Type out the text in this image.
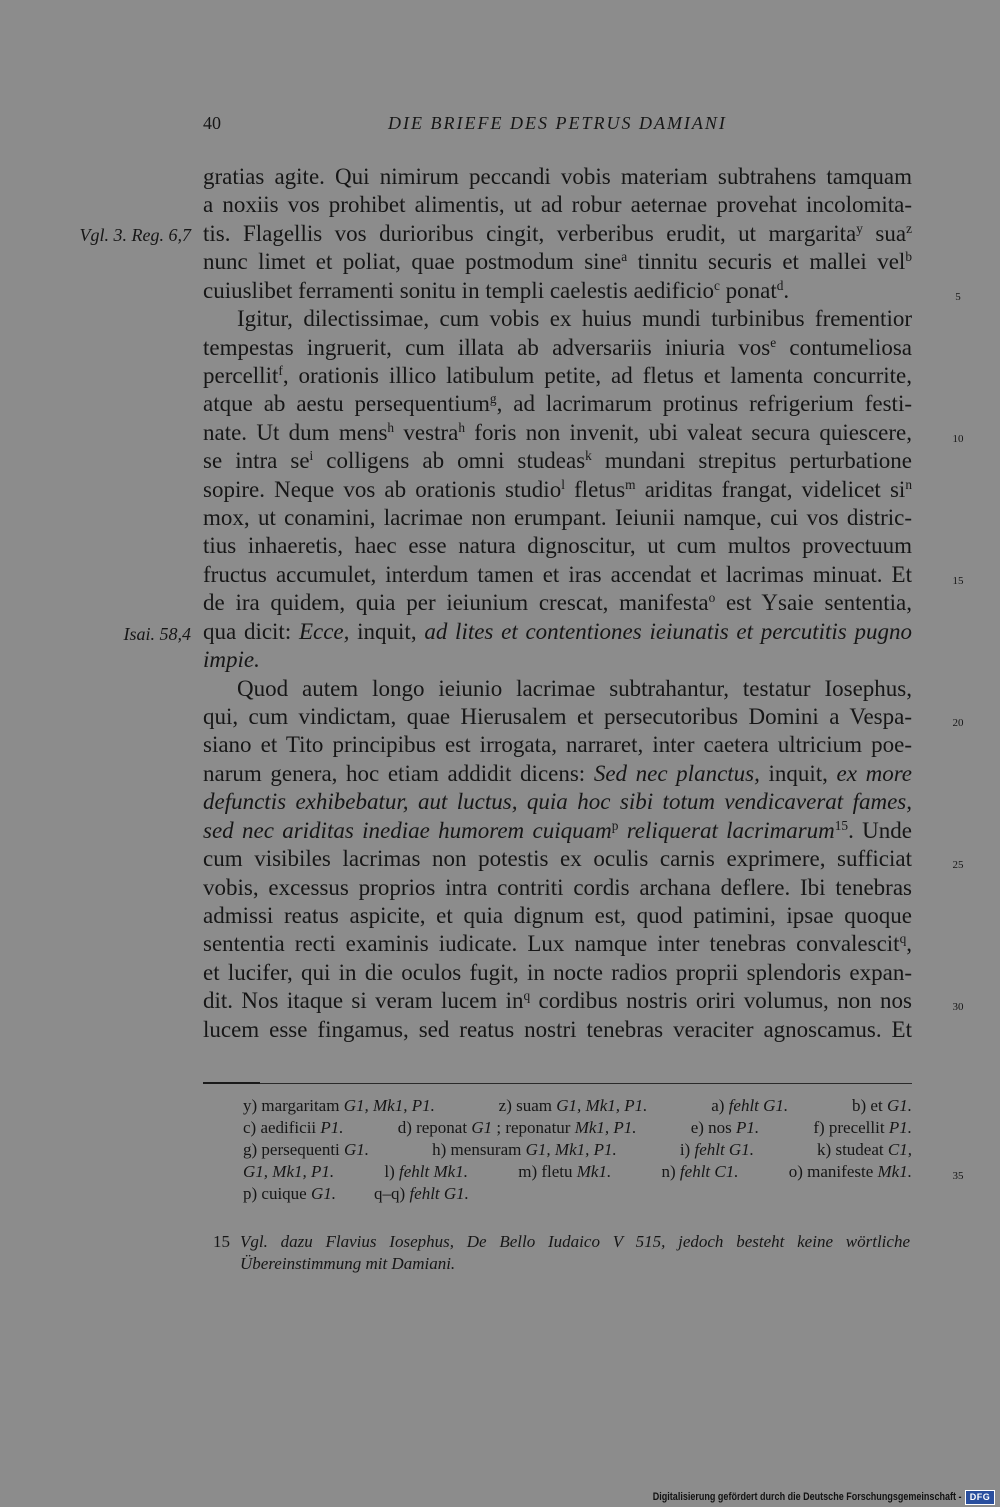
40	DIE BRIEFE DES PETRUS DAMIANI
Vgl. 3. Reg. 6,7
Isai. 58,4
gratias agite. Qui nimirum peccandi vobis materiam subtrahens tamquam
a noxiis vos prohibet alimentis, ut ad robur aeternae provehat incolomita-
tis. Flagellis vos durioribus cingit, verberibus erudit, ut margarita$^y$ sua$^z$
nunc limet et poliat, quae postmodum sine$^a$ tinnitu securis et mallei vel$^b$
cuiuslibet ferramenti sonitu in templi caelestis aedificio$^c$ ponat$^d$.
Igitur, dilectissimae, cum vobis ex huius mundi turbinibus frementior
tempestas ingruerit, cum illata ab adversariis iniuria vos$^e$ contumeliosa
percellit$^f$, orationis illico latibulum petite, ad fletus et lamenta concurrite,
atque ab aestu persequentium$^g$, ad lacrimarum protinus refrigerium festi-
nate. Ut dum mens$^h$ vestra$^h$ foris non invenit, ubi valeat secura quiescere,
se intra se$^i$ colligens ab omni studeas$^k$ mundani strepitus perturbatione
sopire. Neque vos ab orationis studio$^l$ fletus$^m$ ariditas frangat, videlicet si$^n$
mox, ut conamini, lacrimae non erumpant. Ieiunii namque, cui vos distric-
tius inhaeretis, haec esse natura dignoscitur, ut cum multos provectuum
fructus accumulet, interdum tamen et iras accendat et lacrimas minuat. Et
de ira quidem, quia per ieiunium crescat, manifesta$^o$ est Ysaie sententia,
qua dicit: Ecce, inquit, ad lites et contentiones ieiunatis et percutitis pugno
impie.
Quod autem longo ieiunio lacrimae subtrahantur, testatur Iosephus,
qui, cum vindictam, quae Hierusalem et persecutoribus Domini a Vespa-
siano et Tito principibus est irrogata, narraret, inter caetera ultricium poe-
narum genera, hoc etiam addidit dicens: Sed nec planctus, inquit, ex more
defunctis exhibebatur, aut luctus, quia hoc sibi totum vendicaverat fames,
sed nec ariditas inediae humorem cuiquam$^p$ reliquerat lacrimarum$^{15}$. Unde
cum visibiles lacrimas non potestis ex oculis carnis exprimere, sufficiat
vobis, excessus proprios intra contriti cordis archana deflere. Ibi tenebras
admissi reatus aspicite, et quia dignum est, quod patimini, ipsae quoque
sententia recti examinis iudicate. Lux namque inter tenebras convalescit$^q$,
et lucifer, qui in die oculos fugit, in nocte radios proprii splendoris expan-
dit. Nos itaque si veram lucem in$^q$ cordibus nostris oriri volumus, non nos
lucem esse fingamus, sed reatus nostri tenebras veraciter agnoscamus. Et
5
10
15
20
25
30
35
y) margaritam G1, Mk1, P1.	z) suam G1, Mk1, P1.	a) fehlt G1.	b) et G1.
c) aedificii P1.	d) reponat G1 ; reponatur Mk1, P1.	e) nos P1.	f) precellit P1.
g) persequenti G1.	h) mensuram G1, Mk1, P1.	i) fehlt G1.	k) studeat C1,
G1, Mk1, P1.	l) fehlt Mk1.	m) fletu Mk1.	n) fehlt C1.	o) manifeste Mk1.
p) cuique G1. q–q) fehlt G1.
15 Vgl. dazu Flavius Iosephus, De Bello Iudaico V 515, jedoch besteht keine wörtliche
Übereinstimmung mit Damiani.
Digitalisierung gefördert durch die Deutsche Forschungsgemeinschaft - DFG
